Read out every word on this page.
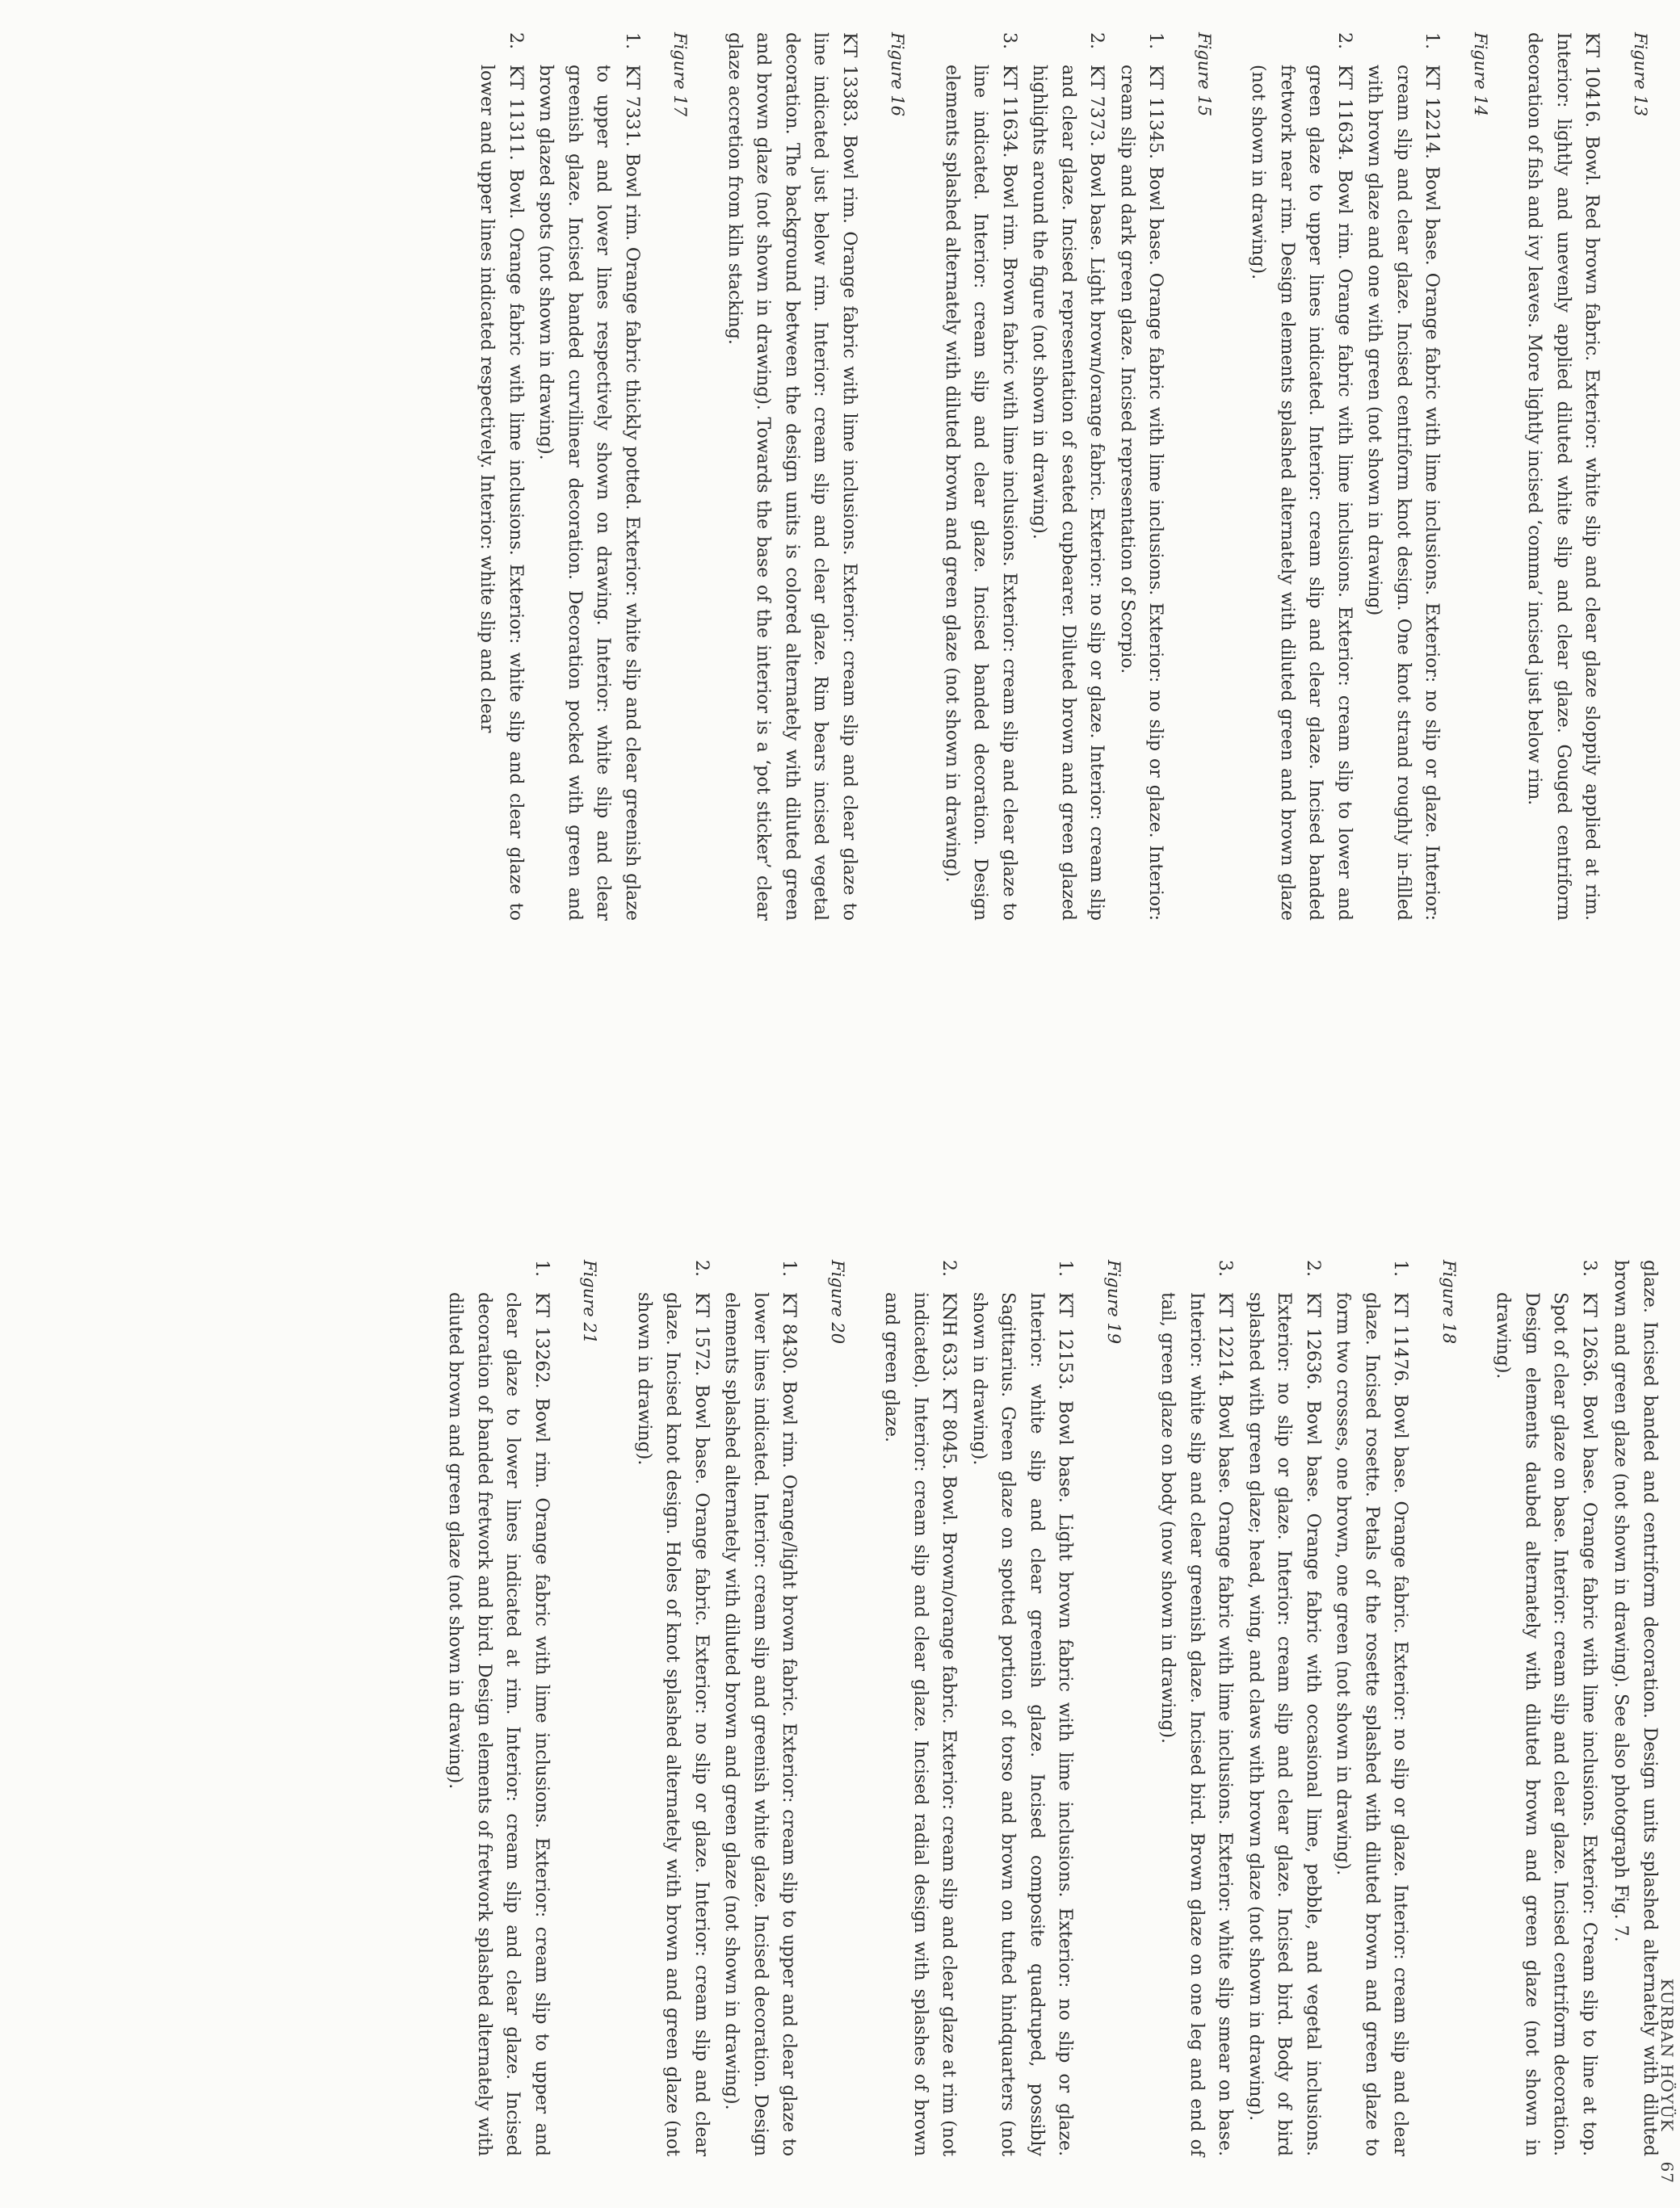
KURBAN HÖYÜK     67
Figure 13
KT 10416. Bowl. Red brown fabric. Exterior: white slip and clear glaze sloppily applied at rim. Interior: lightly and unevenly applied diluted white slip and clear glaze. Gouged centriform decoration of fish and ivy leaves. More lightly incised ‘comma’ incised just below rim.
Figure 14
1.
KT 12214. Bowl base. Orange fabric with lime inclusions. Exterior: no slip or glaze. Interior: cream slip and clear glaze. Incised centriform knot design. One knot strand roughly in-filled with brown glaze and one with green (not shown in drawing)
2.
KT 11634. Bowl rim. Orange fabric with lime inclusions. Exterior: cream slip to lower and green glaze to upper lines indicated. Interior: cream slip and clear glaze. Incised banded fretwork near rim. Design elements splashed alternately with diluted green and brown glaze (not shown in drawing).
Figure 15
1.
KT 11345. Bowl base. Orange fabric with lime inclusions. Exterior: no slip or glaze. Interior: cream slip and dark green glaze. Incised representation of Scorpio.
2.
KT 7373. Bowl base. Light brown/orange fabric. Exterior: no slip or glaze. Interior: cream slip and clear glaze. Incised representation of seated cupbearer. Diluted brown and green glazed highlights around the figure (not shown in drawing).
3.
KT 11634. Bowl rim. Brown fabric with lime inclusions. Exterior: cream slip and clear glaze to line indicated. Interior: cream slip and clear glaze. Incised banded decoration. Design elements splashed alternately with diluted brown and green glaze (not shown in drawing).
Figure 16
KT 13383. Bowl rim. Orange fabric with lime inclusions. Exterior: cream slip and clear glaze to line indicated just below rim. Interior: cream slip and clear glaze. Rim bears incised vegetal decoration. The background between the design units is colored alternately with diluted green and brown glaze (not shown in drawing). Towards the base of the interior is a ‘pot sticker’ clear glaze accretion from kiln stacking.
Figure 17
1.
KT 7331. Bowl rim. Orange fabric thickly potted. Exterior: white slip and clear greenish glaze to upper and lower lines respectively shown on drawing. Interior: white slip and clear greenish glaze. Incised banded curvilinear decoration. Decoration pocked with green and brown glazed spots (not shown in drawing).
2.
KT 11311. Bowl. Orange fabric with lime inclusions. Exterior: white slip and clear glaze to lower and upper lines indicated respectively. Interior: white slip and clear
glaze. Incised banded and centriform decoration. Design units splashed alternately with diluted brown and green glaze (not shown in drawing). See also photograph Fig. 7.
3.
KT 12636. Bowl base. Orange fabric with lime inclusions. Exterior: Cream slip to line at top. Spot of clear glaze on base. Interior: cream slip and clear glaze. Incised centriform decoration. Design elements daubed alternately with diluted brown and green glaze (not shown in drawing).
Figure 18
1.
KT 11476. Bowl base. Orange fabric. Exterior: no slip or glaze. Interior: cream slip and clear glaze. Incised rosette. Petals of the rosette splashed with diluted brown and green glaze to form two crosses, one brown, one green (not shown in drawing).
2.
KT 12636. Bowl base. Orange fabric with occasional lime, pebble, and vegetal inclusions. Exterior: no slip or glaze. Interior: cream slip and clear glaze. Incised bird. Body of bird splashed with green glaze; head, wing, and claws with brown glaze (not shown in drawing).
3.
KT 12214. Bowl base. Orange fabric with lime inclusions. Exterior: white slip smear on base. Interior: white slip and clear greenish glaze. Incised bird. Brown glaze on one leg and end of tail, green glaze on body (now shown in drawing).
Figure 19
1.
KT 12153. Bowl base. Light brown fabric with lime inclusions. Exterior: no slip or glaze. Interior: white slip and clear greenish glaze. Incised composite quadruped, possibly Sagittarius. Green glaze on spotted portion of torso and brown on tufted hindquarters (not shown in drawing).
2.
KNH 633. KT 8045. Bowl. Brown/orange fabric. Exterior: cream slip and clear glaze at rim (not indicated). Interior: cream slip and clear glaze. Incised radial design with splashes of brown and green glaze.
Figure 20
1.
KT 8430. Bowl rim. Orange/light brown fabric. Exterior: cream slip to upper and clear glaze to lower lines indicated. Interior: cream slip and greenish white glaze. Incised decoration. Design elements splashed alternately with diluted brown and green glaze (not shown in drawing).
2.
KT 1572. Bowl base. Orange fabric. Exterior: no slip or glaze. Interior: cream slip and clear glaze. Incised knot design. Holes of knot splashed alternately with brown and green glaze (not shown in drawing).
Figure 21
1.
KT 13262. Bowl rim. Orange fabric with lime inclusions. Exterior: cream slip to upper and clear glaze to lower lines indicated at rim. Interior: cream slip and clear glaze. Incised decoration of banded fretwork and bird. Design elements of fretwork splashed alternately with diluted brown and green glaze (not shown in drawing).
